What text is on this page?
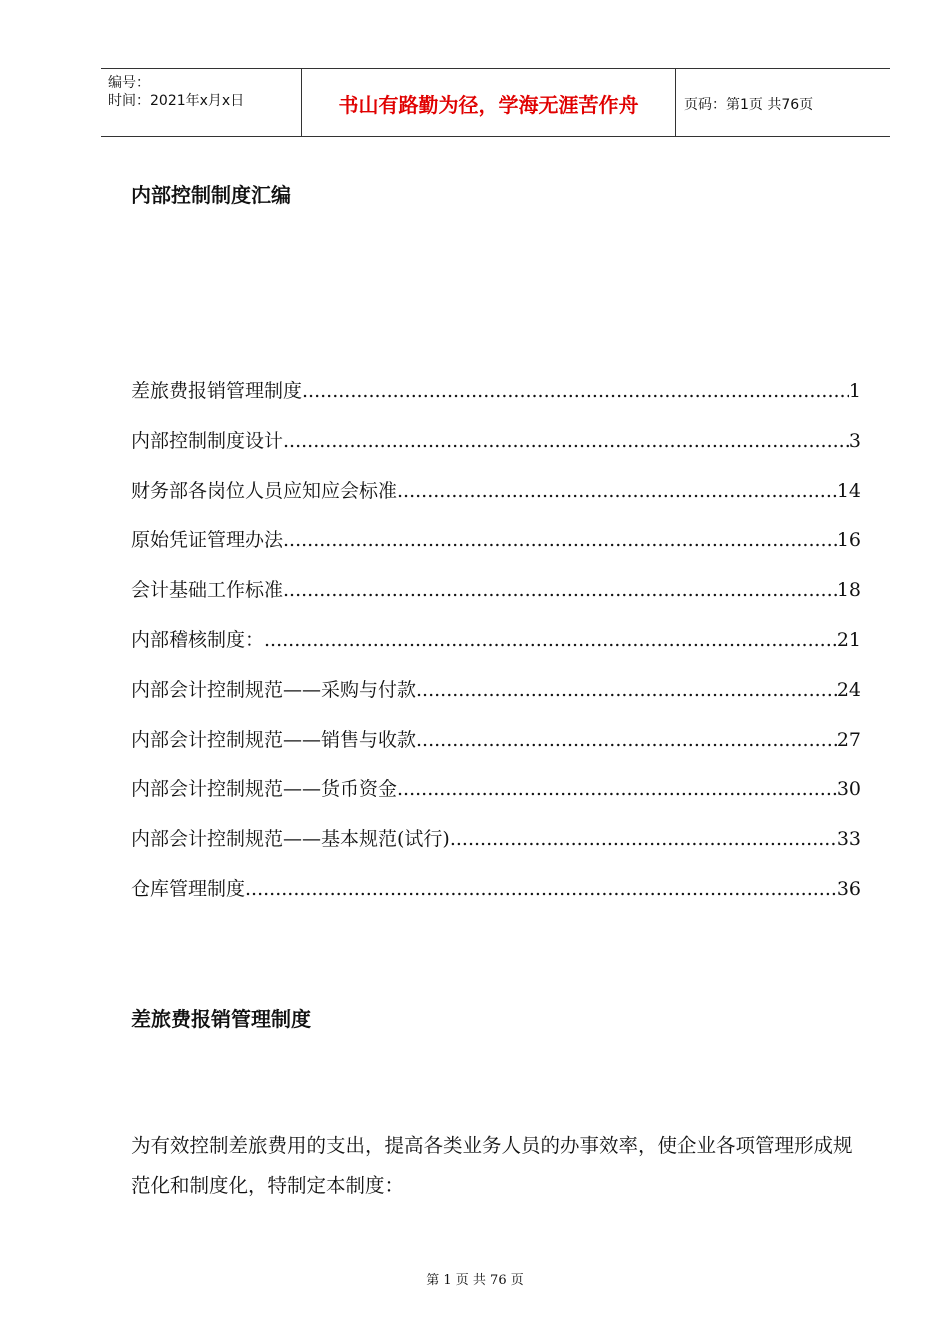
编号：
时间：2021年x月x日	书山有路勤为径，学海无涯苦作舟	页码：第1页 共76页
内部控制制度汇编
差旅费报销管理制度 .....	1
内部控制制度设计 .....	3
财务部各岗位人员应知应会标准 .....	14
原始凭证管理办法 .....	16
会计基础工作标准 .....	18
内部稽核制度： .....	21
内部会计控制规范——采购与付款 .....	24
内部会计控制规范——销售与收款 .....	27
内部会计控制规范——货币资金 .....	30
内部会计控制规范——基本规范(试行) .....	33
仓库管理制度 .....	36
差旅费报销管理制度

为有效控制差旅费用的支出，提高各类业务人员的办事效率，使企业各项管理形成规范化和制度化，特制定本制度：

第 1 页 共 76 页
